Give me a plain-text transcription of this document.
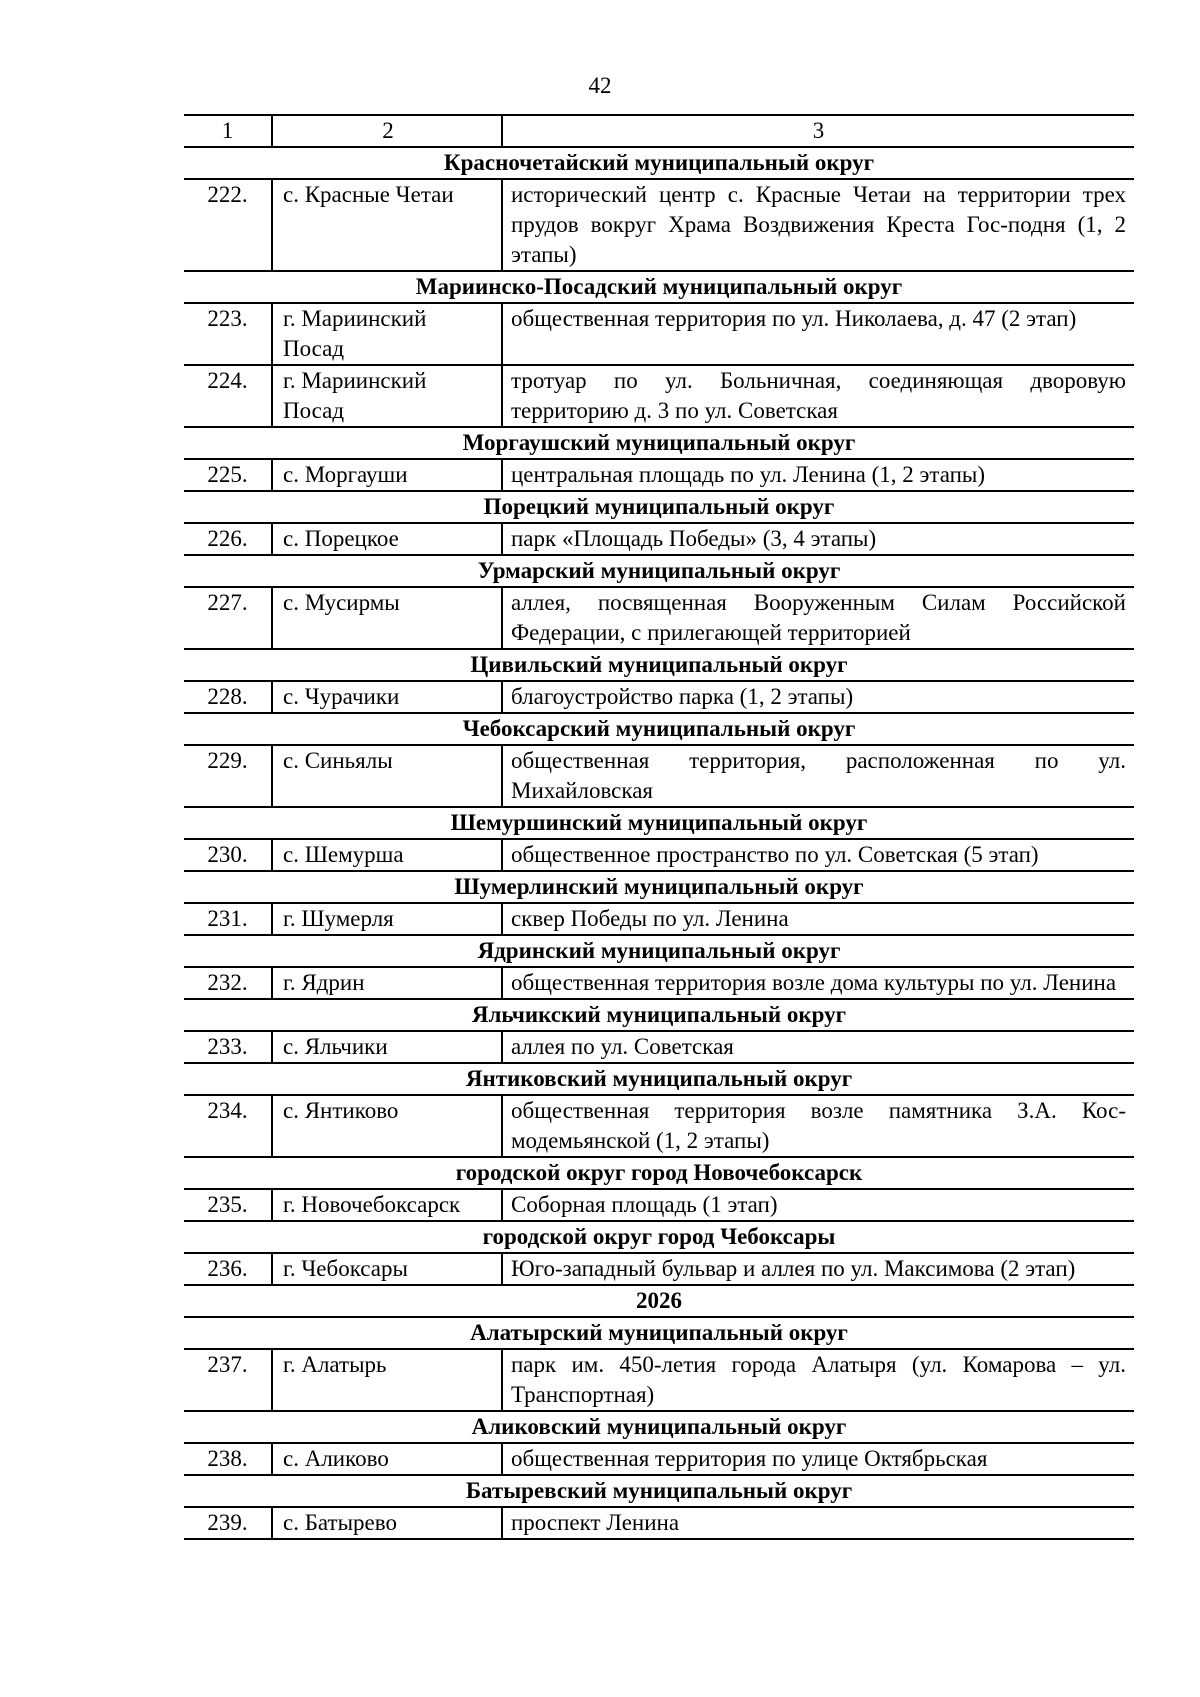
42
1	2	3
Красночетайский муниципальный округ		
222.	с. Красные Четаи	исторический центр с. Красные Четаи на территории трех прудов вокруг Храма Воздвижения Креста Гос-подня (1, 2 этапы)
Мариинско-Посадский муниципальный округ		
223.	г. Мариинский Посад	общественная территория по ул. Николаева, д. 47 (2 этап)
224.	г. Мариинский Посад	тротуар по ул. Больничная, соединяющая дворовую территорию д. 3 по ул. Советская
Моргаушский муниципальный округ		
225.	с. Моргауши	центральная площадь по ул. Ленина (1, 2 этапы)
Порецкий муниципальный округ		
226.	с. Порецкое	парк «Площадь Победы» (3, 4 этапы)
Урмарский муниципальный округ		
227.	с. Мусирмы	аллея, посвященная Вооруженным Силам Российской Федерации, с прилегающей территорией
Цивильский муниципальный округ		
228.	с. Чурачики	благоустройство парка (1, 2 этапы)
Чебоксарский муниципальный округ		
229.	с. Синьялы	общественная территория, расположенная по ул. Михайловская
Шемуршинский муниципальный округ		
230.	с. Шемурша	общественное пространство по ул. Советская (5 этап)
Шумерлинский муниципальный округ		
231.	г. Шумерля	сквер Победы по ул. Ленина
Ядринский муниципальный округ		
232.	г. Ядрин	общественная территория возле дома культуры по ул. Ленина
Яльчикский муниципальный округ		
233.	с. Яльчики	аллея по ул. Советская
Янтиковский муниципальный округ		
234.	с. Янтиково	общественная территория возле памятника З.А. Кос-модемьянской (1, 2 этапы)
городской округ город Новочебоксарск		
235.	г. Новочебоксарск	Соборная площадь (1 этап)
городской округ город Чебоксары		
236.	г. Чебоксары	Юго-западный бульвар и аллея по ул. Максимова (2 этап)
2026		
Алатырский муниципальный округ		
237.	г. Алатырь	парк им. 450-летия города Алатыря (ул. Комарова – ул. Транспортная)
Аликовский муниципальный округ		
238.	с. Аликово	общественная территория по улице Октябрьская
Батыревский муниципальный округ		
239.	с. Батырево	проспект Ленина
